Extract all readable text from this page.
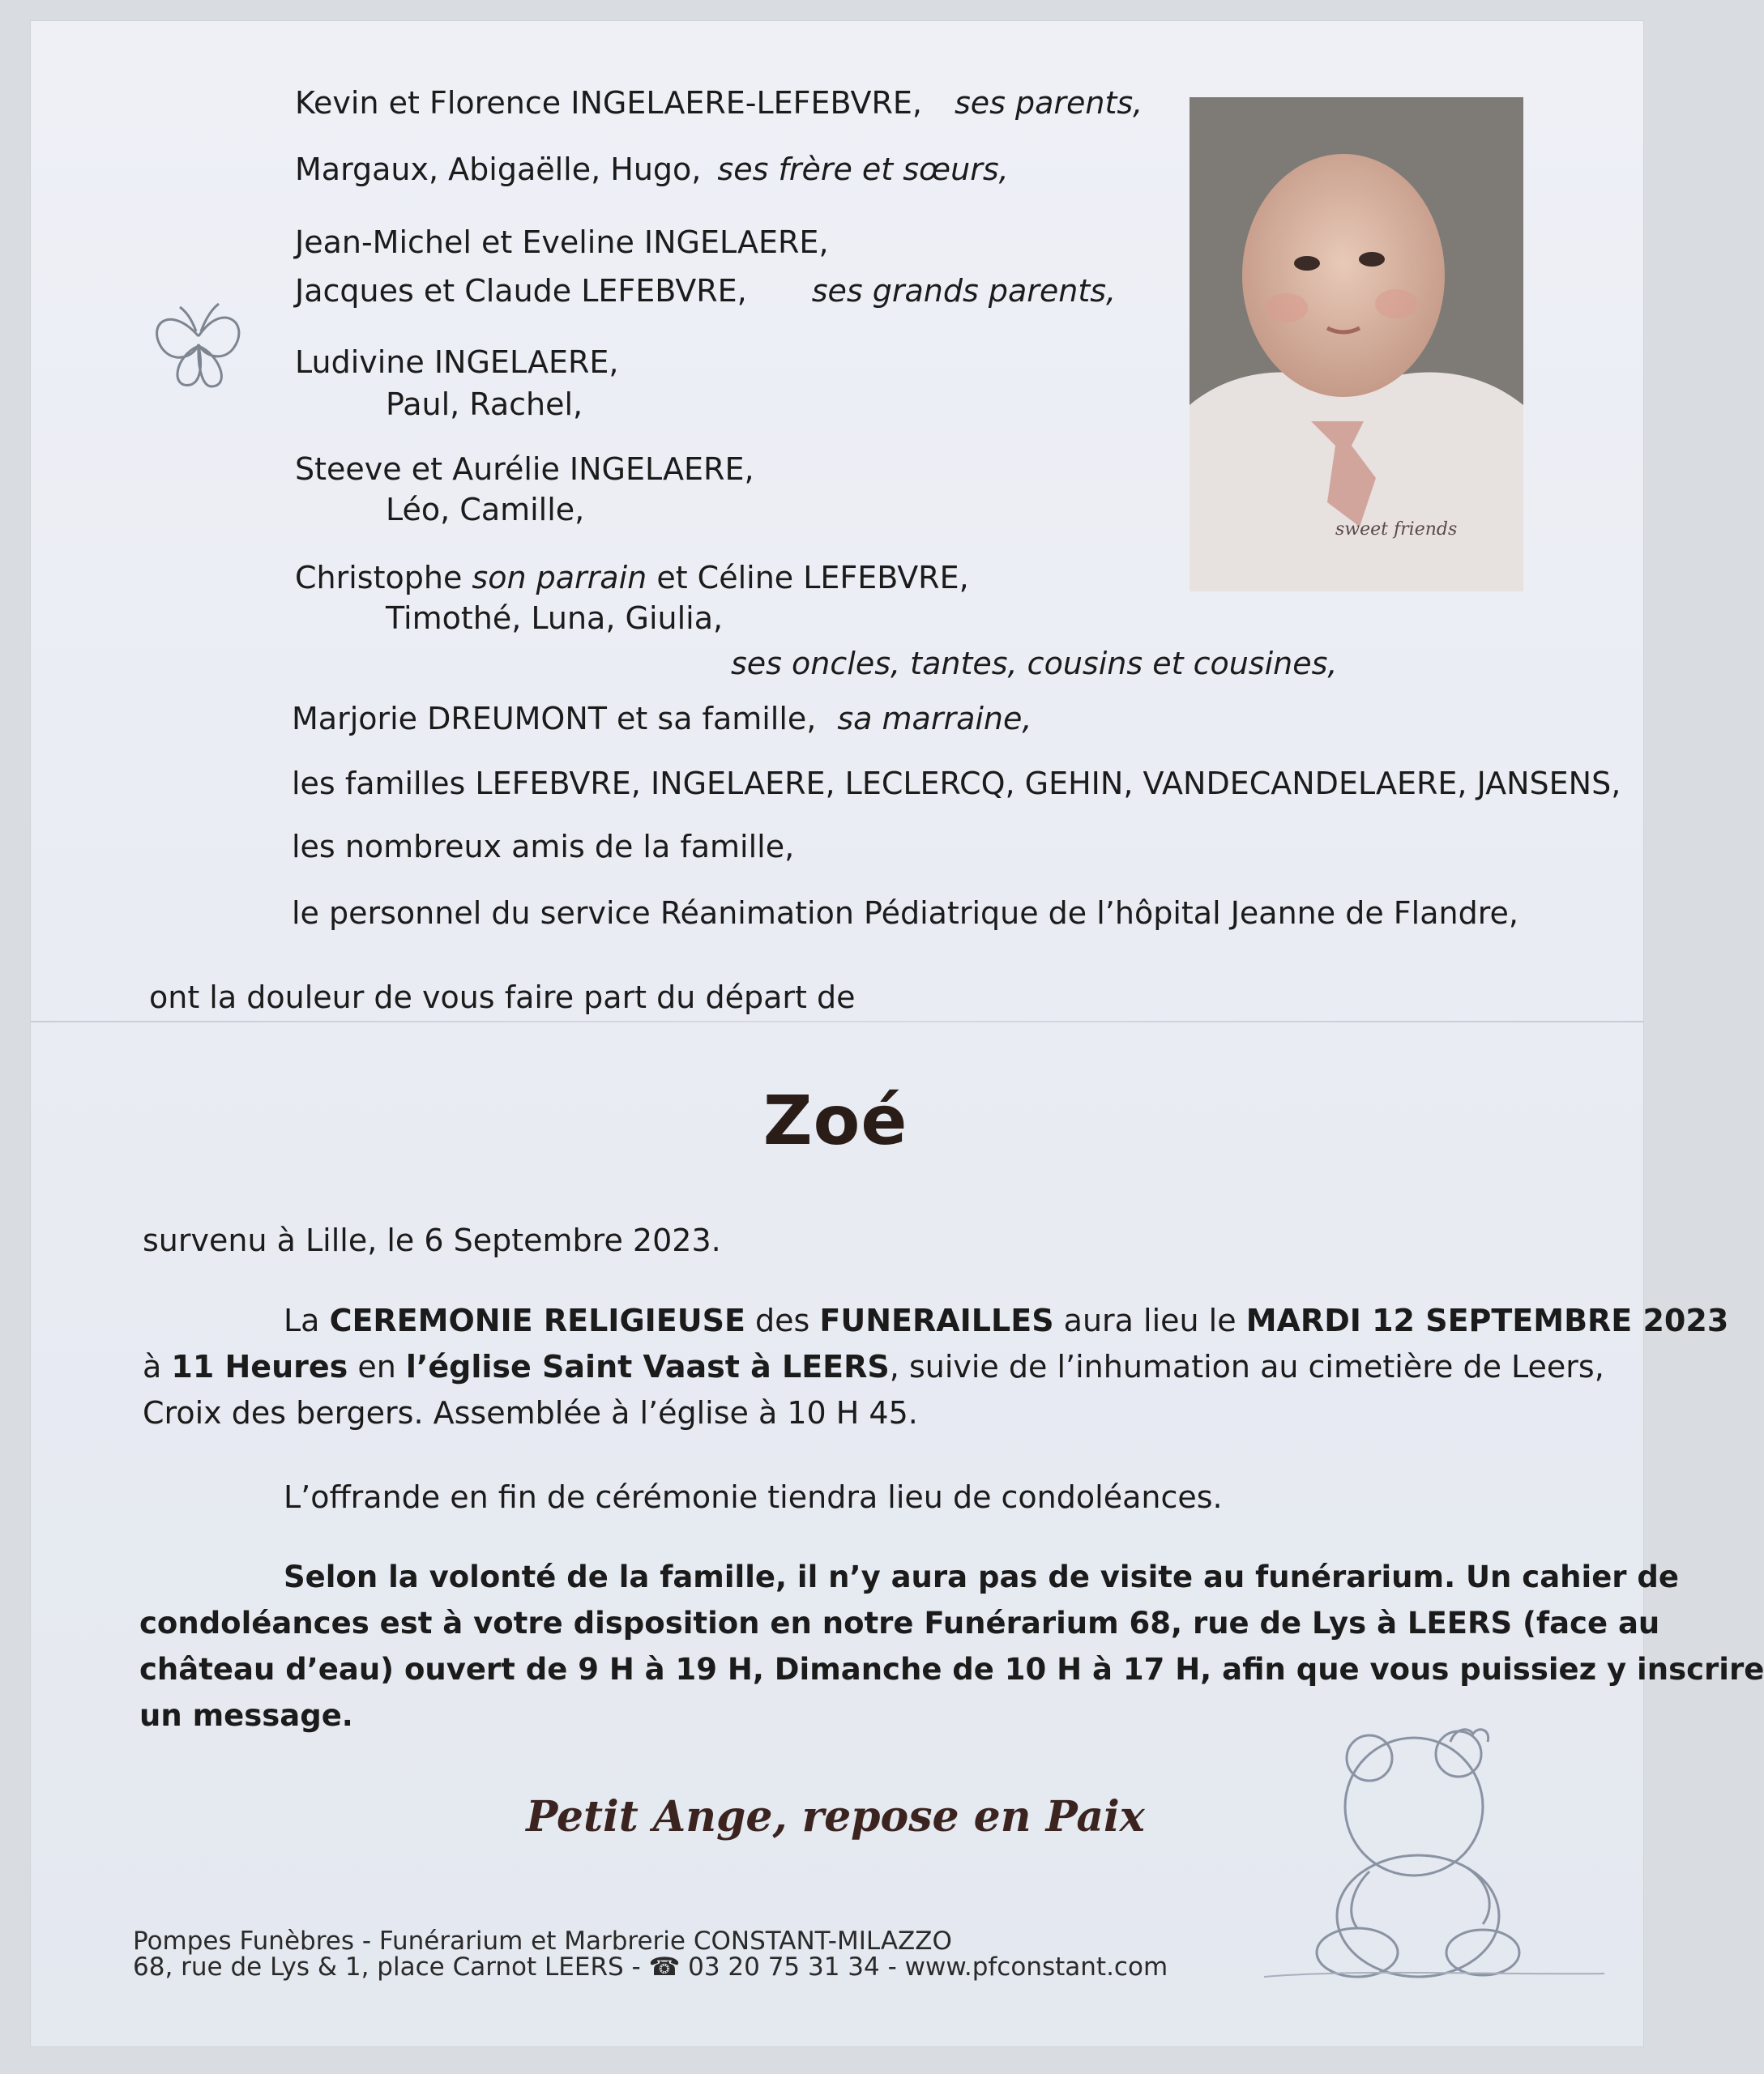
Kevin et Florence INGELAERE-LEFEBVRE, ses parents,
Margaux, Abigaëlle, Hugo, ses frère et sœurs,
Jean-Michel et Eveline INGELAERE,
Jacques et Claude LEFEBVRE, ses grands parents,
Ludivine INGELAERE,
Paul, Rachel,
Steeve et Aurélie INGELAERE,
Léo, Camille,
Christophe son parrain et Céline LEFEBVRE,
Timothé, Luna, Giulia,
ses oncles, tantes, cousins et cousines,
Marjorie DREUMONT et sa famille, sa marraine,
les familles LEFEBVRE, INGELAERE, LECLERCQ, GEHIN, VANDECANDELAERE, JANSENS,
les nombreux amis de la famille,
le personnel du service Réanimation Pédiatrique de l’hôpital Jeanne de Flandre,
sweet friends
ont la douleur de vous faire part du départ de
Zoé
survenu à Lille, le 6 Septembre 2023.
La CEREMONIE RELIGIEUSE des FUNERAILLES aura lieu le MARDI 12 SEPTEMBRE 2023
à 11 Heures en l’église Saint Vaast à LEERS, suivie de l’inhumation au cimetière de Leers,
Croix des bergers. Assemblée à l’église à 10 H 45.
L’offrande en fin de cérémonie tiendra lieu de condoléances.
Selon la volonté de la famille, il n’y aura pas de visite au funérarium. Un cahier de
condoléances est à votre disposition en notre Funérarium 68, rue de Lys à LEERS (face au
château d’eau) ouvert de 9 H à 19 H, Dimanche de 10 H à 17 H, afin que vous puissiez y inscrire
un message.
Petit Ange, repose en Paix
Pompes Funèbres - Funérarium et Marbrerie CONSTANT-MILAZZO
68, rue de Lys & 1, place Carnot LEERS - ☎ 03 20 75 31 34 - www.pfconstant.com
